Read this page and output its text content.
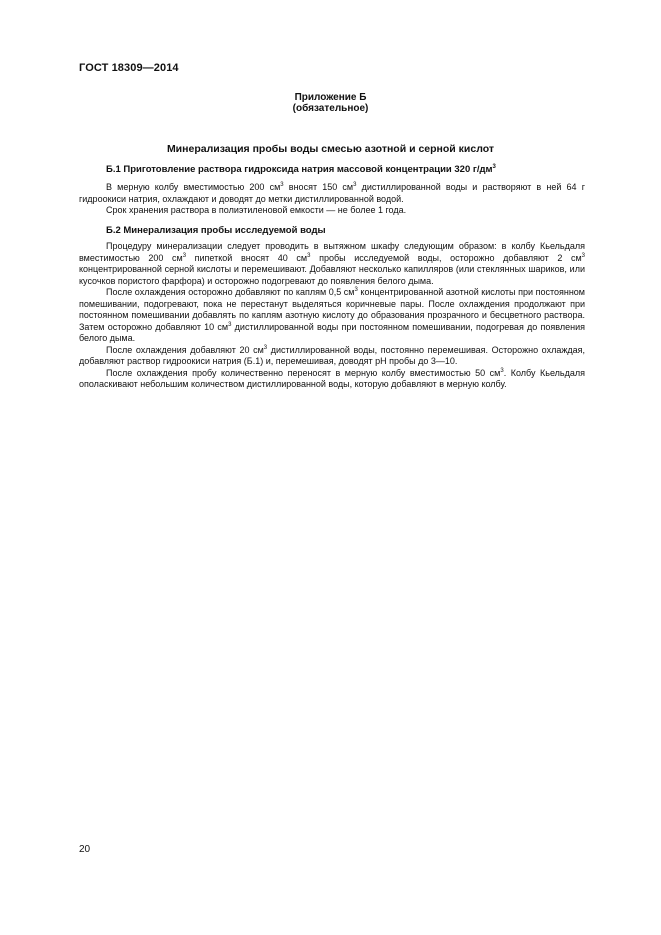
ГОСТ 18309—2014
Приложение Б
(обязательное)
Минерализация пробы воды смесью азотной и серной кислот
Б.1 Приготовление раствора гидроксида натрия массовой концентрации 320 $г/дм^3$

В мерную колбу вместимостью 200 $см^3$ вносят 150 $см^3$ дистиллированной воды и растворяют в ней 64 г гидроокиси натрия, охлаждают и доводят до метки дистиллированной водой.

Срок хранения раствора в полиэтиленовой емкости — не более 1 года.

Б.2 Минерализация пробы исследуемой воды

Процедуру минерализации следует проводить в вытяжном шкафу следующим образом: в колбу Кьельдаля вместимостью 200 $см^3$ пипеткой вносят 40 $см^3$ пробы исследуемой воды, осторожно добавляют 2 $см^3$ концентрированной серной кислоты и перемешивают. Добавляют несколько капилляров (или стеклянных шариков, или кусочков пористого фарфора) и осторожно подогревают до появления белого дыма.

После охлаждения осторожно добавляют по каплям 0,5 $см^3$ концентрированной азотной кислоты при постоянном помешивании, подогревают, пока не перестанут выделяться коричневые пары. После охлаждения продолжают при постоянном помешивании добавлять по каплям азотную кислоту до образования прозрачного и бесцветного раствора. Затем осторожно добавляют 10 $см^3$ дистиллированной воды при постоянном помешивании, подогревая до появления белого дыма.

После охлаждения добавляют 20 $см^3$ дистиллированной воды, постоянно перемешивая. Осторожно охлаждая, добавляют раствор гидроокиси натрия (Б.1) и, перемешивая, доводят рН пробы до 3—10.

После охлаждения пробу количественно переносят в мерную колбу вместимостью 50 $см^3$. Колбу Кьельдаля ополаскивают небольшим количеством дистиллированной воды, которую добавляют в мерную колбу.

20
